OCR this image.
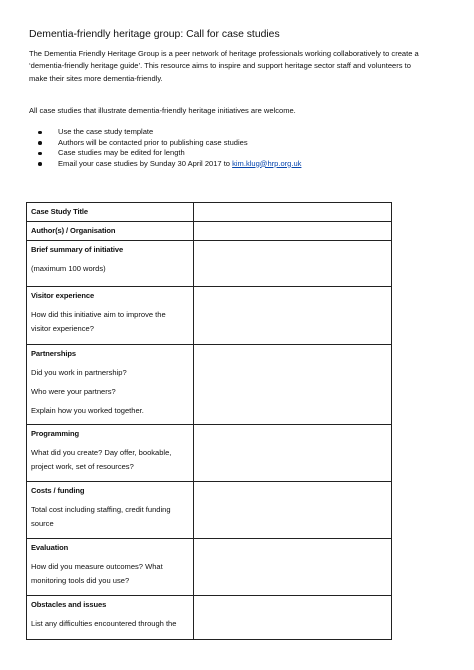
Dementia-friendly heritage group: Call for case studies
The Dementia Friendly Heritage Group is a peer network of heritage professionals working collaboratively to create a
‘dementia-friendly heritage guide’. This resource aims to inspire and support heritage sector staff and volunteers to
make their sites more dementia-friendly.
All case studies that illustrate dementia-friendly heritage initiatives are welcome.
Use the case study template
Authors will be contacted prior to publishing case studies
Case studies may be edited for length
Email your case studies by Sunday 30 April 2017 to kim.klug@hrp.org.uk
Case Study Title	

Author(s) / Organisation	

Brief summary of initiative
(maximum 100 words)	

Visitor experience
How did this initiative aim to improve the
visitor experience?	

Partnerships
Did you work in partnership?
Who were your partners?
Explain how you worked together.	

Programming
What did you create? Day offer, bookable,
project work, set of resources?	

Costs / funding
Total cost including staffing, credit funding
source	

Evaluation
How did you measure outcomes? What
monitoring tools did you use?	

Obstacles and issues
List any difficulties encountered through the	
